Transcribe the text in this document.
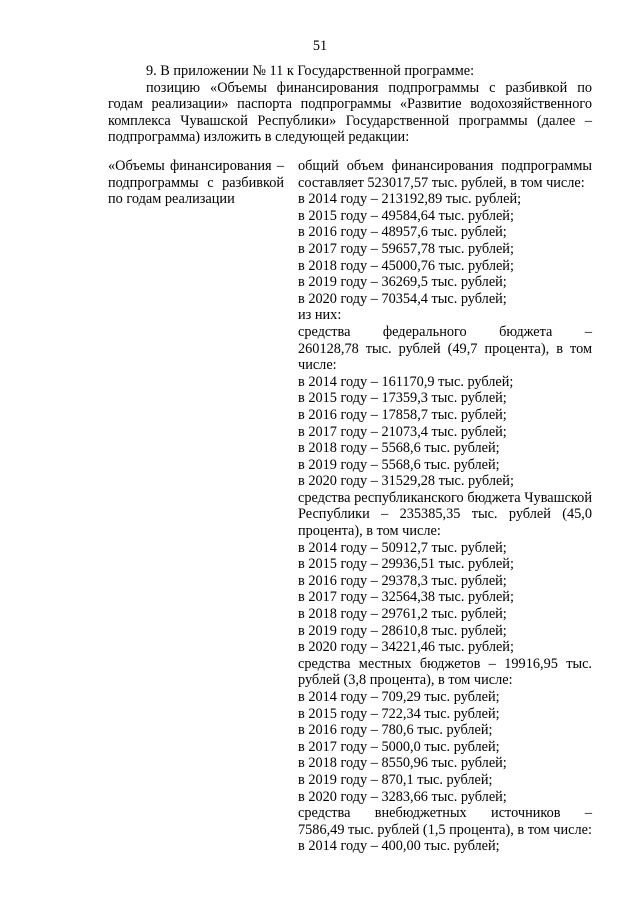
51
9. В приложении № 11 к Государственной программе:
позицию «Объемы финансирования подпрограммы с разбивкой по годам реализации» паспорта подпрограммы «Развитие водохозяйственного комплекса Чувашской Республики» Государственной программы (далее – подпрограмма) изложить в следующей редакции:
«Объемы финансирования – подпрограммы с разбивкой по годам реализации
общий объем финансирования подпрограммы составляет 523017,57 тыс. рублей, в том числе:
в 2014 году – 213192,89 тыс. рублей;
в 2015 году – 49584,64 тыс. рублей;
в 2016 году – 48957,6 тыс. рублей;
в 2017 году – 59657,78 тыс. рублей;
в 2018 году – 45000,76 тыс. рублей;
в 2019 году – 36269,5 тыс. рублей;
в 2020 году – 70354,4 тыс. рублей;
из них:
средства федерального бюджета –
260128,78 тыс. рублей (49,7 процента), в том числе:
в 2014 году – 161170,9 тыс. рублей;
в 2015 году – 17359,3 тыс. рублей;
в 2016 году – 17858,7 тыс. рублей;
в 2017 году – 21073,4 тыс. рублей;
в 2018 году – 5568,6 тыс. рублей;
в 2019 году – 5568,6 тыс. рублей;
в 2020 году – 31529,28 тыс. рублей;
средства республиканского бюджета Чувашской Республики – 235385,35 тыс. рублей (45,0 процента), в том числе:
в 2014 году – 50912,7 тыс. рублей;
в 2015 году – 29936,51 тыс. рублей;
в 2016 году – 29378,3 тыс. рублей;
в 2017 году – 32564,38 тыс. рублей;
в 2018 году – 29761,2 тыс. рублей;
в 2019 году – 28610,8 тыс. рублей;
в 2020 году – 34221,46 тыс. рублей;
средства местных бюджетов – 19916,95 тыс. рублей (3,8 процента), в том числе:
в 2014 году – 709,29 тыс. рублей;
в 2015 году – 722,34 тыс. рублей;
в 2016 году – 780,6 тыс. рублей;
в 2017 году – 5000,0 тыс. рублей;
в 2018 году – 8550,96 тыс. рублей;
в 2019 году – 870,1 тыс. рублей;
в 2020 году – 3283,66 тыс. рублей;
средства внебюджетных источников –
7586,49 тыс. рублей (1,5 процента), в том числе:
в 2014 году – 400,00 тыс. рублей;
